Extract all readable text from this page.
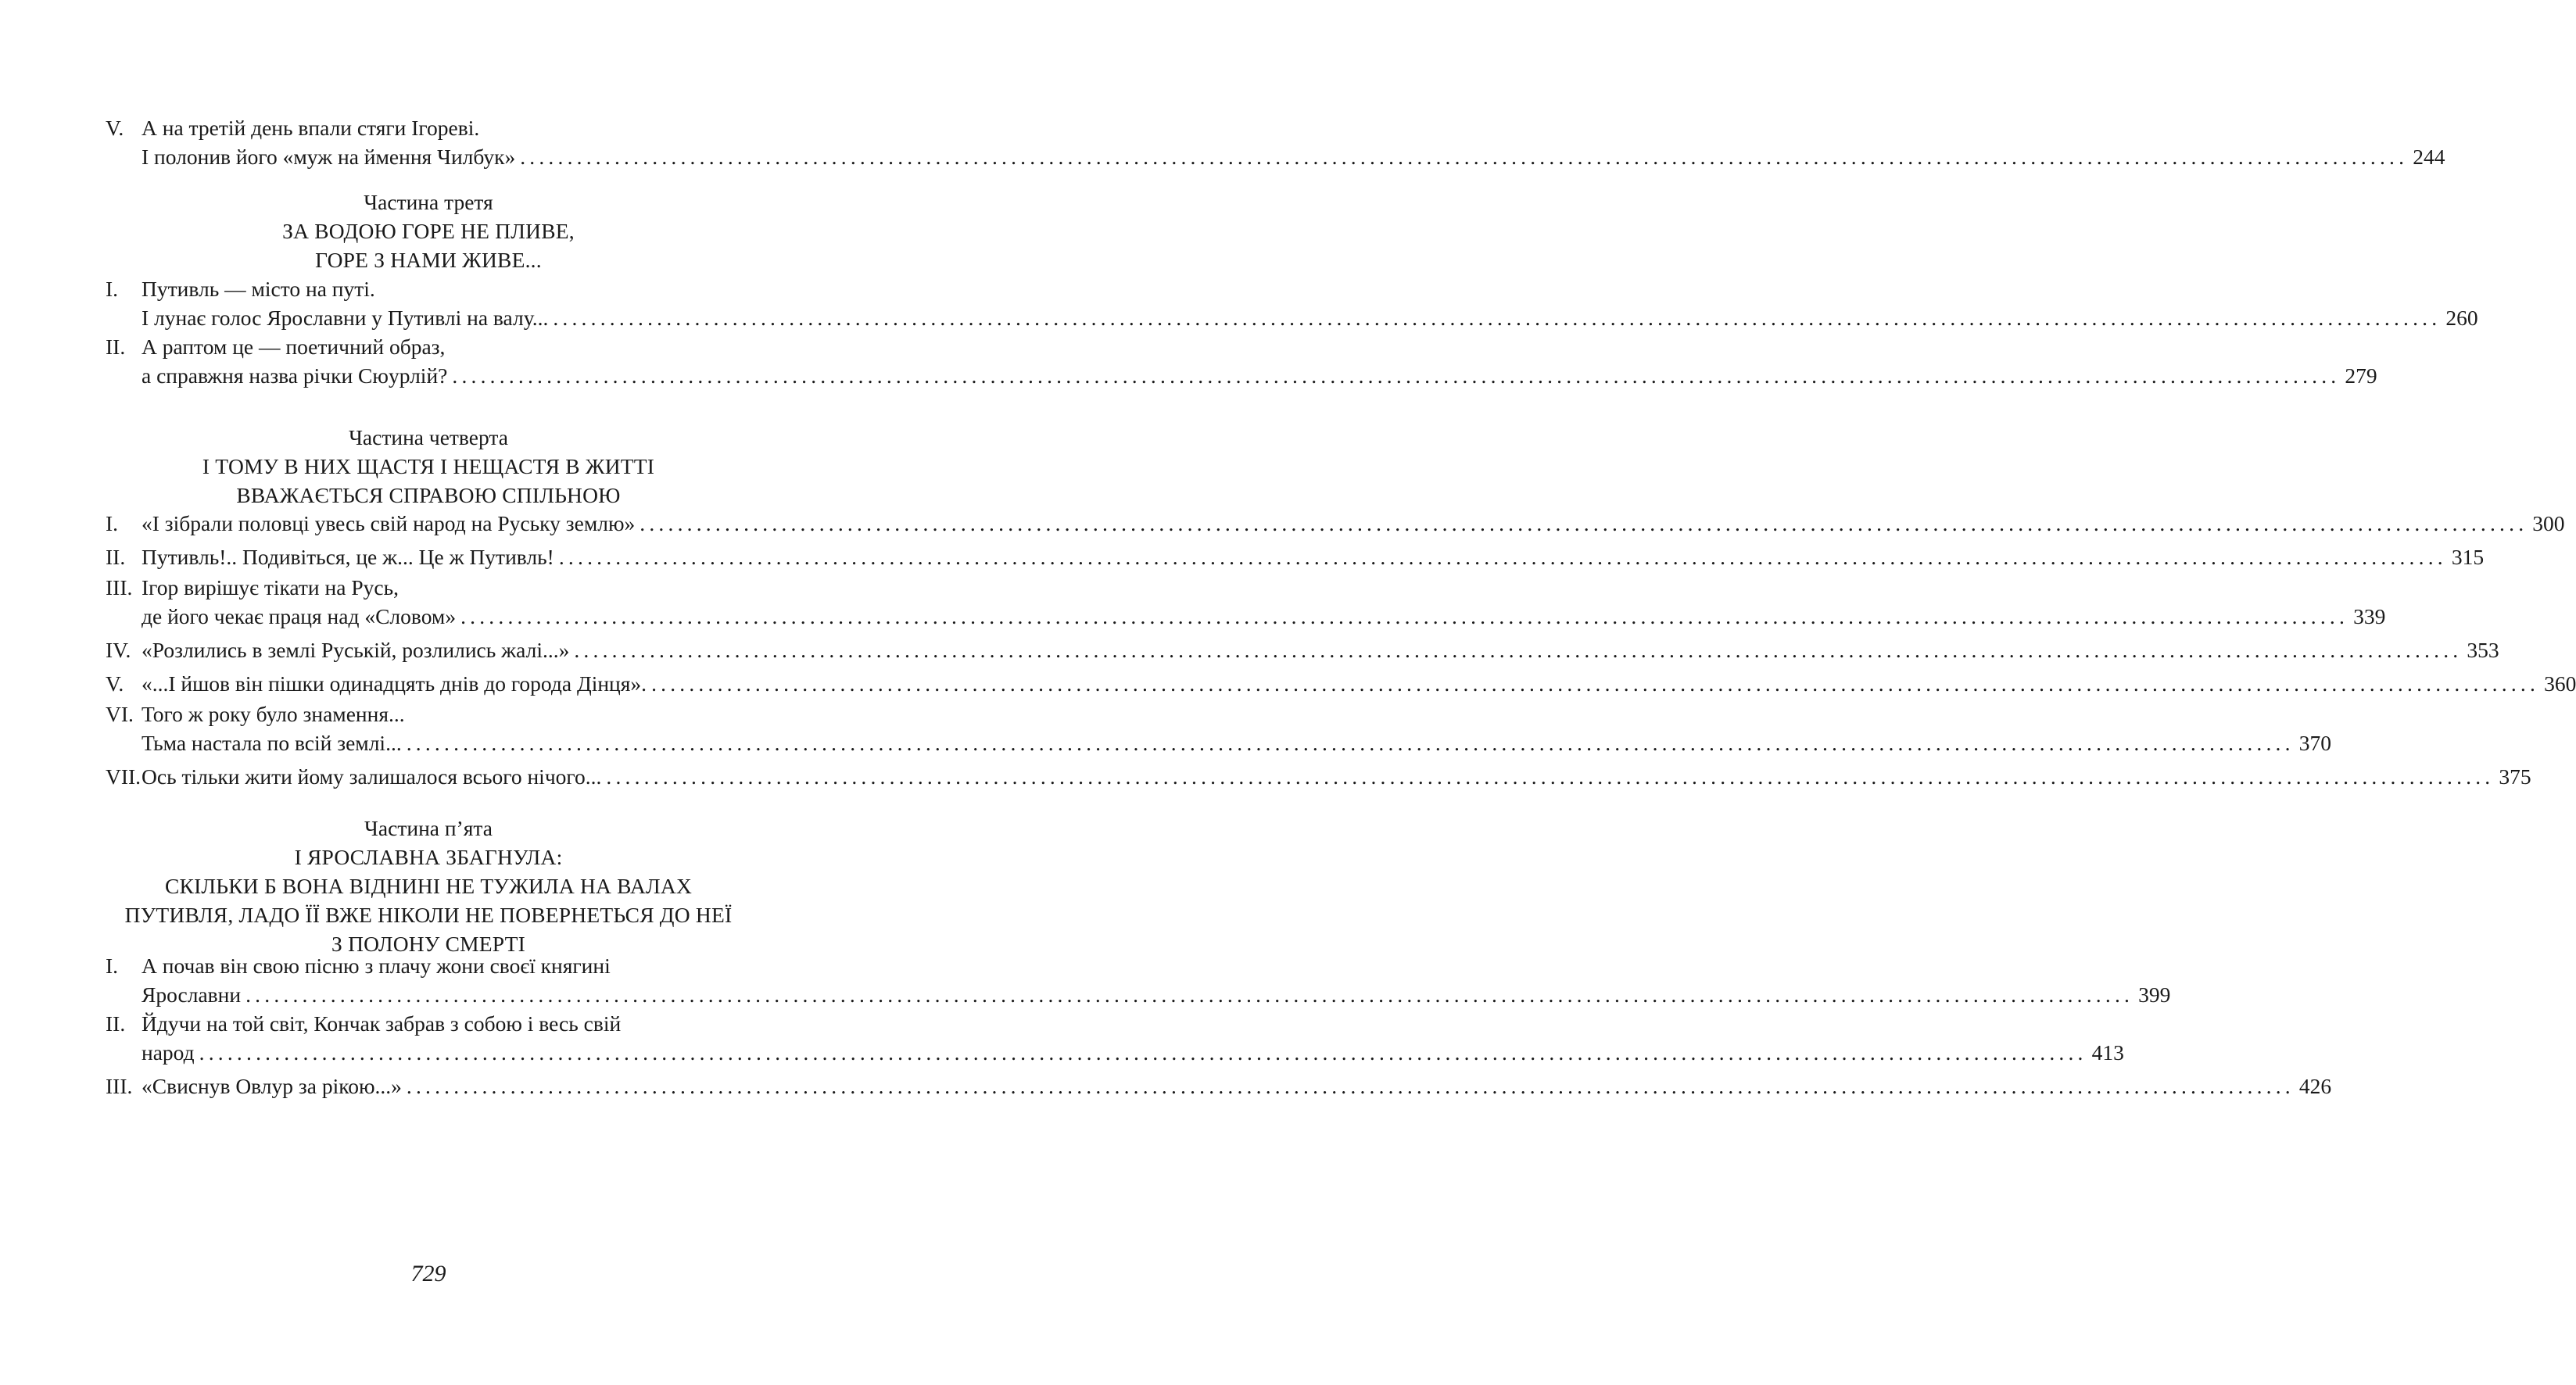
V. А на третій день впали стяги Ігореві.
І полонив його «муж на ймення Чилбук» ........................................................................................................................................................................................................ 244
Частина третя
ЗА ВОДОЮ ГОРЕ НЕ ПЛИВЕ,
ГОРЕ З НАМИ ЖИВЕ...
I. Путивль — місто на путі.
І лунає голос Ярославни у Путивлі на валу... ........................................................................................................................................................................................................ 260
II. А раптом це — поетичний образ,
а справжня назва річки Сюурлій? ........................................................................................................................................................................................................ 279
Частина четверта
І ТОМУ В НИХ ЩАСТЯ І НЕЩАСТЯ В ЖИТТІ
ВВАЖАЄТЬСЯ СПРАВОЮ СПІЛЬНОЮ
I. «І зібрали половці увесь свій народ на Руську землю» ........................................................................................................................................................................................................ 300
II. Путивль!.. Подивіться, це ж... Це ж Путивль! ........................................................................................................................................................................................................ 315
III. Ігор вирішує тікати на Русь,
де його чекає праця над «Словом» ........................................................................................................................................................................................................ 339
IV. «Розлились в землі Руській, розлились жалі...» ........................................................................................................................................................................................................ 353
V. «...І йшов він пішки одинадцять днів до города Дінця». ........................................................................................................................................................................................................ 360
VI. Того ж року було знамення...
Тьма настала по всій землі... ........................................................................................................................................................................................................ 370
VII. Ось тільки жити йому залишалося всього нічого... ........................................................................................................................................................................................................ 375
Частина п’ята
І ЯРОСЛАВНА ЗБАГНУЛА:
СКІЛЬКИ Б ВОНА ВІДНИНІ НЕ ТУЖИЛА НА ВАЛАХ
ПУТИВЛЯ, ЛАДО ЇЇ ВЖЕ НІКОЛИ НЕ ПОВЕРНЕТЬСЯ ДО НЕЇ
З ПОЛОНУ СМЕРТІ
I. А почав він свою пісню з плачу жони своєї княгині
Ярославни ........................................................................................................................................................................................................ 399
II. Йдучи на той світ, Кончак забрав з собою і весь свій
народ ........................................................................................................................................................................................................ 413
III. «Свиснув Овлур за рікою...» ........................................................................................................................................................................................................ 426
729
